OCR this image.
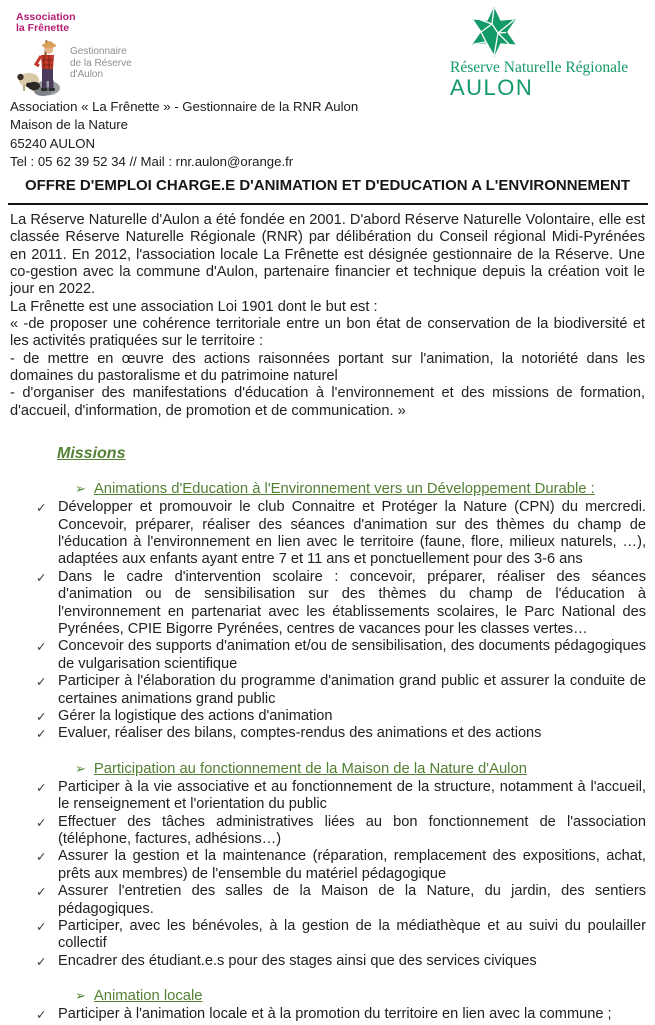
Association
la Frênette
Gestionnaire
de la Réserve
d'Aulon	Réserve Naturelle Régionale
AULON
Association « La Frênette » - Gestionnaire de la RNR Aulon
Maison de la Nature
65240 AULON
Tel : 05 62 39 52 34 // Mail : rnr.aulon@orange.fr
OFFRE D'EMPLOI CHARGE.E D'ANIMATION ET D'EDUCATION A L'ENVIRONNEMENT

La Réserve Naturelle d'Aulon a été fondée en 2001. D'abord Réserve Naturelle Volontaire, elle est classée Réserve Naturelle Régionale (RNR) par délibération du Conseil régional Midi-Pyrénées en 2011. En 2012, l'association locale La Frênette est désignée gestionnaire de la Réserve. Une co-gestion avec la commune d'Aulon, partenaire financier et technique depuis la création voit le jour en 2022.

La Frênette est une association Loi 1901 dont le but est :

« -de proposer une cohérence territoriale entre un bon état de conservation de la biodiversité et les activités pratiquées sur le territoire :

- de mettre en œuvre des actions raisonnées portant sur l'animation, la notoriété dans les domaines du pastoralisme et du patrimoine naturel

- d'organiser des manifestations d'éducation à l'environnement et des missions de formation, d'accueil, d'information, de promotion et de communication. »

Missions
➢ Animations d'Education à l'Environnement vers un Développement Durable :
✓ Développer et promouvoir le club Connaitre et Protéger la Nature (CPN) du mercredi. Concevoir, préparer, réaliser des séances d'animation sur des thèmes du champ de l'éducation à l'environnement en lien avec le territoire (faune, flore, milieux naturels, …), adaptées aux enfants ayant entre 7 et 11 ans et ponctuellement pour des 3-6 ans
✓ Dans le cadre d'intervention scolaire : concevoir, préparer, réaliser des séances d'animation ou de sensibilisation sur des thèmes du champ de l'éducation à l'environnement en partenariat avec les établissements scolaires, le Parc National des Pyrénées, CPIE Bigorre Pyrénées, centres de vacances pour les classes vertes…
✓ Concevoir des supports d'animation et/ou de sensibilisation, des documents pédagogiques de vulgarisation scientifique
✓ Participer à l'élaboration du programme d'animation grand public et assurer la conduite de certaines animations grand public
✓ Gérer la logistique des actions d'animation
✓ Evaluer, réaliser des bilans, comptes-rendus des animations et des actions
➢ Participation au fonctionnement de la Maison de la Nature d'Aulon
✓ Participer à la vie associative et au fonctionnement de la structure, notamment à l'accueil, le renseignement et l'orientation du public
✓ Effectuer des tâches administratives liées au bon fonctionnement de l'association (téléphone, factures, adhésions…)
✓ Assurer la gestion et la maintenance (réparation, remplacement des expositions, achat, prêts aux membres) de l'ensemble du matériel pédagogique
✓ Assurer l'entretien des salles de la Maison de la Nature, du jardin, des sentiers pédagogiques.
✓ Participer, avec les bénévoles, à la gestion de la médiathèque et au suivi du poulailler collectif
✓ Encadrer des étudiant.e.s pour des stages ainsi que des services civiques
➢ Animation locale
✓ Participer à l'animation locale et à la promotion du territoire en lien avec la commune ;
